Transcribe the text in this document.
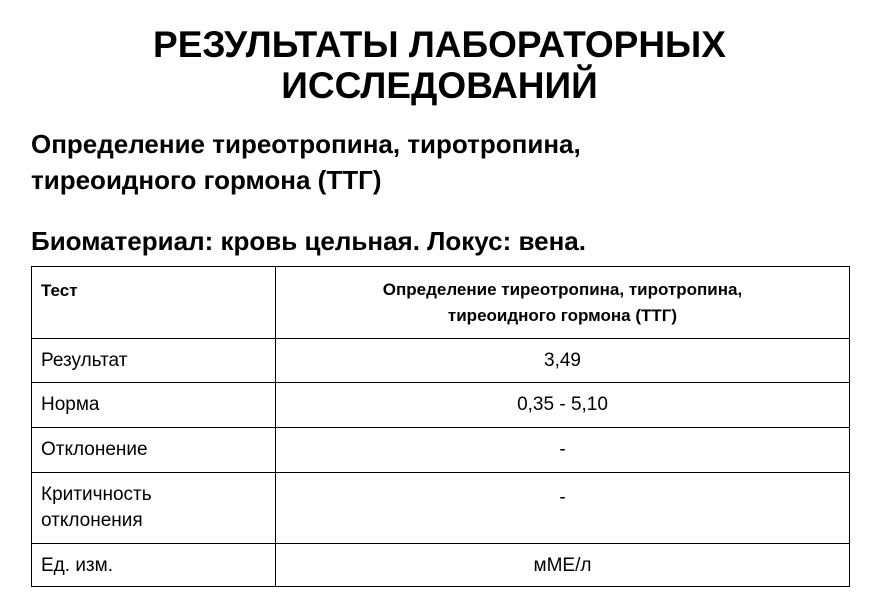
РЕЗУЛЬТАТЫ ЛАБОРАТОРНЫХ
ИССЛЕДОВАНИЙ
Определение тиреотропина, тиротропина,
тиреоидного гормона (ТТГ)
Биоматериал: кровь цельная. Локус: вена.
Тест	Определение тиреотропина, тиротропина,
тиреоидного гормона (ТТГ)

Результат	3,49

Норма	0,35 - 5,10

Отклонение	-

Критичность
отклонения	-

Ед. изм.	мМЕ/л
